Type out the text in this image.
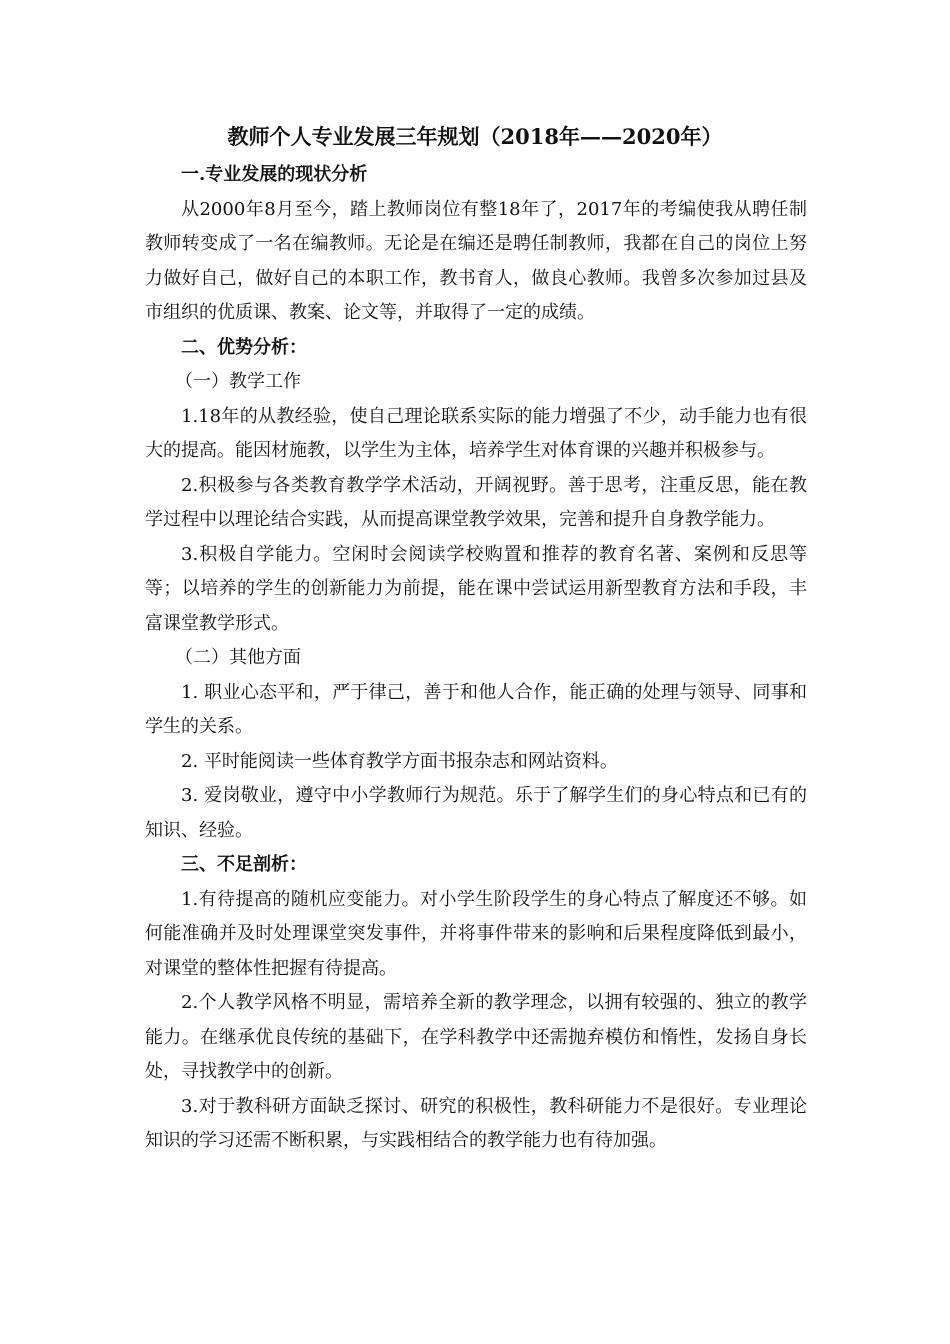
教师个人专业发展三年规划（2018年——2020年）

一.专业发展的现状分析

从2000年8月至今，踏上教师岗位有整18年了，2017年的考编使我从聘任制教师转变成了一名在编教师。无论是在编还是聘任制教师，我都在自己的岗位上努力做好自己，做好自己的本职工作，教书育人，做良心教师。我曾多次参加过县及市组织的优质课、教案、论文等，并取得了一定的成绩。

二、优势分析：

（一）教学工作

1.18年的从教经验，使自己理论联系实际的能力增强了不少，动手能力也有很大的提高。能因材施教，以学生为主体，培养学生对体育课的兴趣并积极参与。

2.积极参与各类教育教学学术活动，开阔视野。善于思考，注重反思，能在教学过程中以理论结合实践，从而提高课堂教学效果，完善和提升自身教学能力。

3.积极自学能力。空闲时会阅读学校购置和推荐的教育名著、案例和反思等等；以培养的学生的创新能力为前提，能在课中尝试运用新型教育方法和手段，丰富课堂教学形式。

（二）其他方面

1. 职业心态平和，严于律己，善于和他人合作，能正确的处理与领导、同事和学生的关系。

2. 平时能阅读一些体育教学方面书报杂志和网站资料。

3. 爱岗敬业，遵守中小学教师行为规范。乐于了解学生们的身心特点和已有的知识、经验。

三、不足剖析：

1.有待提高的随机应变能力。对小学生阶段学生的身心特点了解度还不够。如何能准确并及时处理课堂突发事件，并将事件带来的影响和后果程度降低到最小，对课堂的整体性把握有待提高。

2.个人教学风格不明显，需培养全新的教学理念，以拥有较强的、独立的教学能力。在继承优良传统的基础下，在学科教学中还需抛弃模仿和惰性，发扬自身长处，寻找教学中的创新。

3.对于教科研方面缺乏探讨、研究的积极性，教科研能力不是很好。专业理论知识的学习还需不断积累，与实践相结合的教学能力也有待加强。
